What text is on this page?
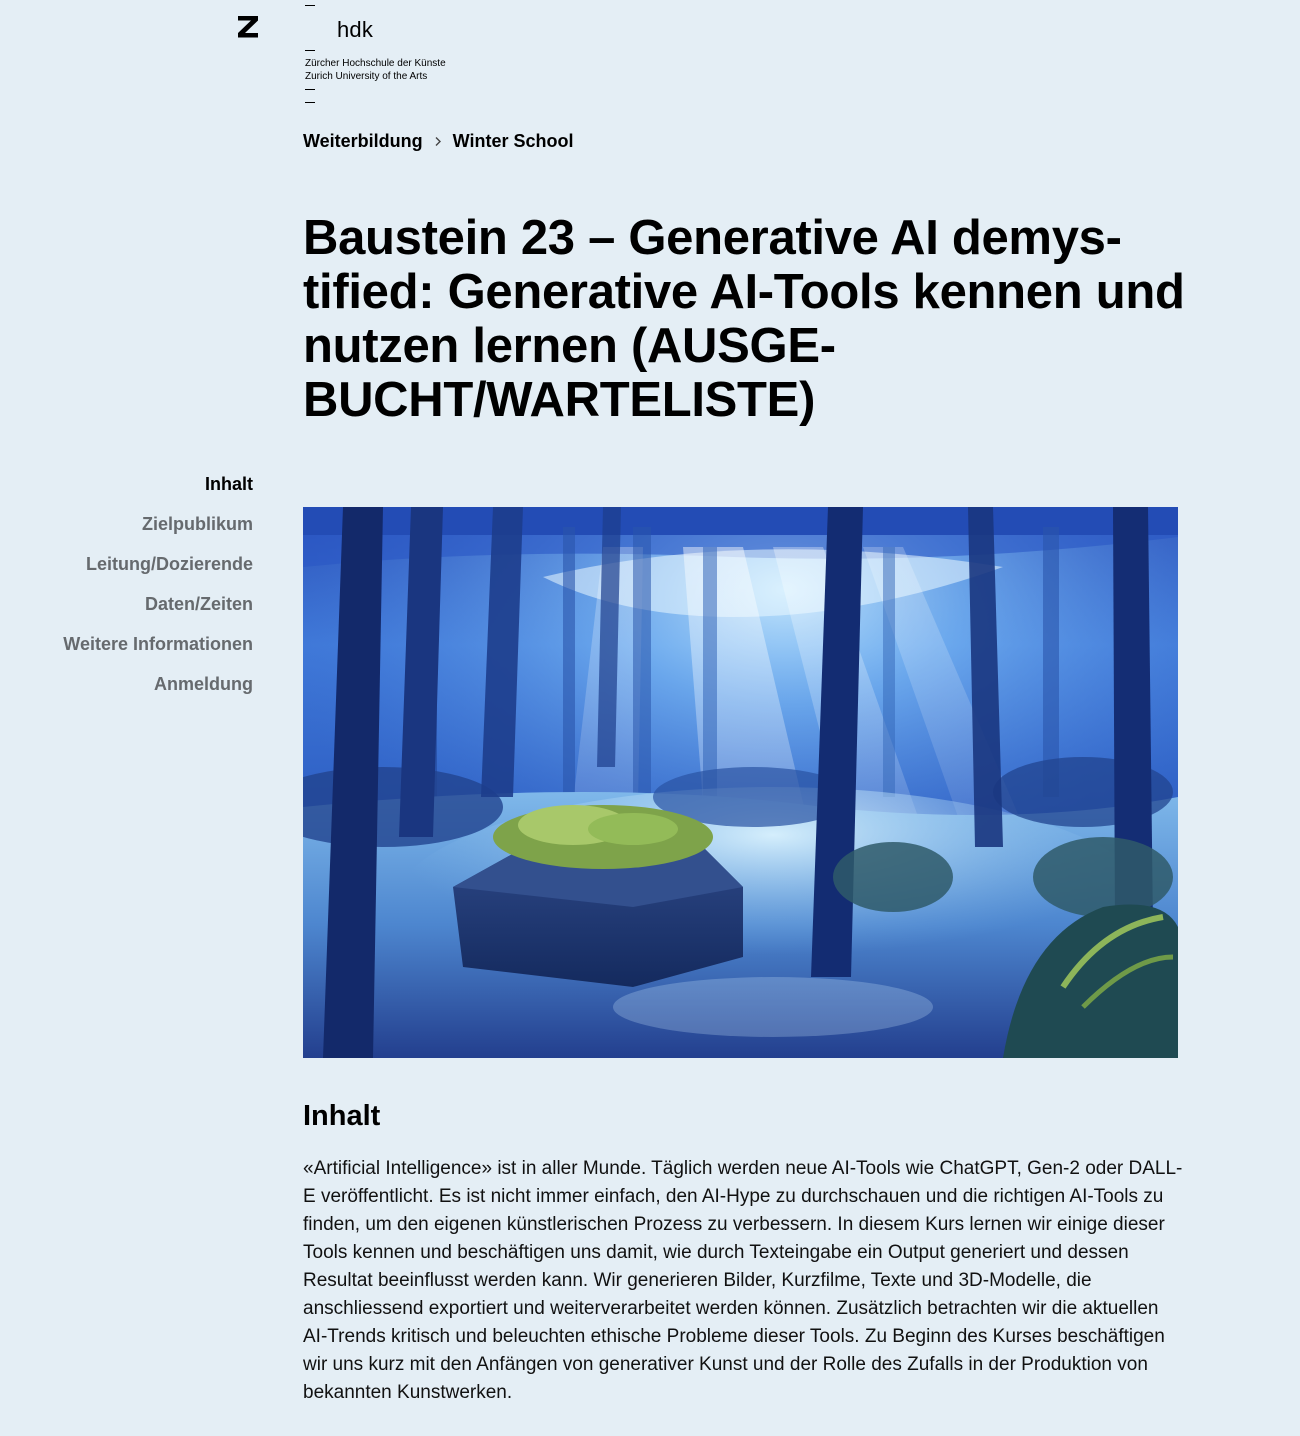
hdk
Zürcher Hochschule der Künste
Zurich University of the Arts
Weiterbildung Winter School
Baustein 23 – Generative AI demystified: Generative AI-Tools kennen und nutzen lernen (AUSGEBUCHT/WARTELISTE)
Inhalt
Zielpublikum
Leitung/Dozierende
Daten/Zeiten
Weitere Informationen
Anmeldung
Inhalt

«Artificial Intelligence» ist in aller Munde. Täglich werden neue AI-Tools wie ChatGPT, Gen-2 oder DALL-E veröffentlicht. Es ist nicht immer einfach, den AI-Hype zu durchschauen und die richtigen AI-Tools zu finden, um den eigenen künstlerischen Prozess zu verbessern. In diesem Kurs lernen wir einige dieser Tools kennen und beschäftigen uns damit, wie durch Texteingabe ein Output generiert und dessen Resultat beeinflusst werden kann. Wir generieren Bilder, Kurzfilme, Texte und 3D-Modelle, die anschliessend exportiert und weiterverarbeitet werden können. Zusätzlich betrachten wir die aktuellen AI-Trends kritisch und beleuchten ethische Probleme dieser Tools. Zu Beginn des Kurses beschäftigen wir uns kurz mit den Anfängen von generativer Kunst und der Rolle des Zufalls in der Produktion von bekannten Kunstwerken.
